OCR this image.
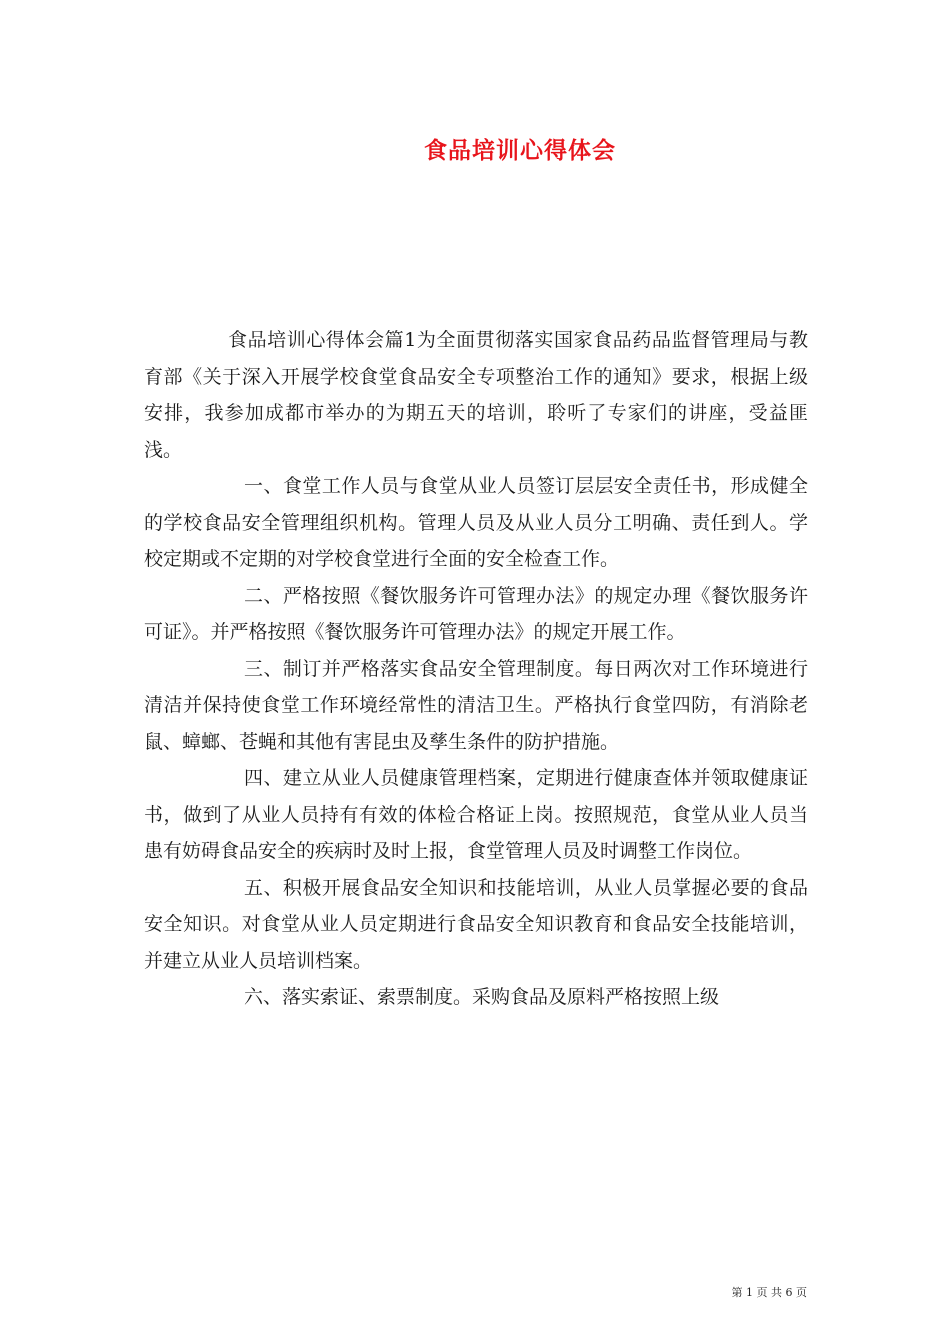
食品培训心得体会

食品培训心得体会篇1为全面贯彻落实国家食品药品监督管理局与教育部《关于深入开展学校食堂食品安全专项整治工作的通知》要求，根据上级安排，我参加成都市举办的为期五天的培训，聆听了专家们的讲座，受益匪浅。

一、食堂工作人员与食堂从业人员签订层层安全责任书，形成健全的学校食品安全管理组织机构。管理人员及从业人员分工明确、责任到人。学校定期或不定期的对学校食堂进行全面的安全检查工作。

二、严格按照《餐饮服务许可管理办法》的规定办理《餐饮服务许可证》。并严格按照《餐饮服务许可管理办法》的规定开展工作。

三、制订并严格落实食品安全管理制度。每日两次对工作环境进行清洁并保持使食堂工作环境经常性的清洁卫生。严格执行食堂四防，有消除老鼠、蟑螂、苍蝇和其他有害昆虫及孳生条件的防护措施。

四、建立从业人员健康管理档案，定期进行健康查体并领取健康证书，做到了从业人员持有有效的体检合格证上岗。按照规范，食堂从业人员当患有妨碍食品安全的疾病时及时上报，食堂管理人员及时调整工作岗位。

五、积极开展食品安全知识和技能培训，从业人员掌握必要的食品安全知识。对食堂从业人员定期进行食品安全知识教育和食品安全技能培训，并建立从业人员培训档案。

六、落实索证、索票制度。采购食品及原料严格按照上级

第 1 页 共 6 页
